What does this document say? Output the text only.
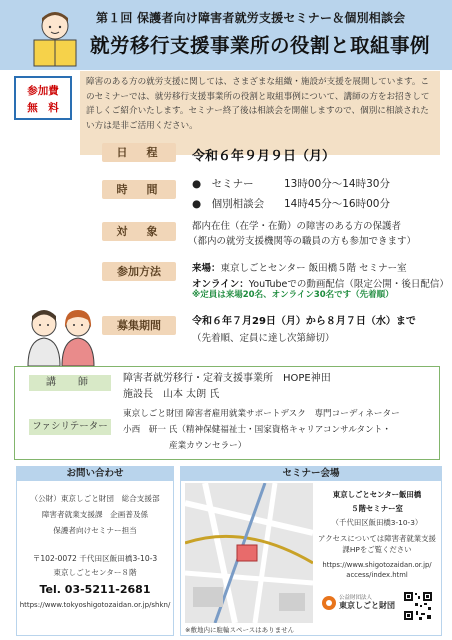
第１回 保護者向け障害者就労支援セミナー＆個別相談会
就労移行支援事業所の役割と取組事例
参加費
無　料
障害のある方の就労支援に関しては、さまざまな組織・施設が支援を展開しています。このセミナーでは、就労移行支援事業所の役割と取組事例について、講師の方をお招きして詳しくご紹介いたします。セミナー終了後は相談会を開催しますので、個別に相談されたい方は是非ご活用ください。
日　程	令和６年９月９日（月）
時　間	●　セミナー	13時00分～14時30分
●　個別相談会 14時45分～16時00分
対　象	都内在住（在学・在勤）の障害のある方の保護者
（都内の就労支援機関等の職員の方も参加できます）
参加方法	来場：東京しごとセンター 飯田橋５階 セミナー室
オンライン：YouTubeでの動画配信（限定公開・後日配信）
※定員は来場20名、オンライン30名です（先着順）
募集期間	令和６年７月29日（月）から８月７日（水）まで
（先着順、定員に達し次第締切）
講　師	障害者就労移行・定着支援事業所　HOPE神田
施設長　山本 太朗 氏
ファシリテーター
東京しごと財団 障害者雇用就業サポートデスク　専門コーディネーター
小西　研一 氏（精神保健福祉士・国家資格キャリアコンサルタント・
産業カウンセラー）
お問い合わせ
（公財）東京しごと財団　総合支援部
障害者就業支援課　企画普及係
保護者向けセミナー担当
〒102-0072 千代田区飯田橋3-10-3
東京しごとセンター８階
Tel. 03-5211-2681
https://www.tokyoshigotozaidan.or.jp/shkn/
セミナー会場
※敷地内に駐輪スペースはありません
東京しごとセンター飯田橋
５階セミナー室
（千代田区飯田橋3-10-3）
アクセスについては障害者就業支援課HPをご覧ください
https://www.shigotozaidan.or.jp/
access/index.html
公益財団法人
東京しごと財団
